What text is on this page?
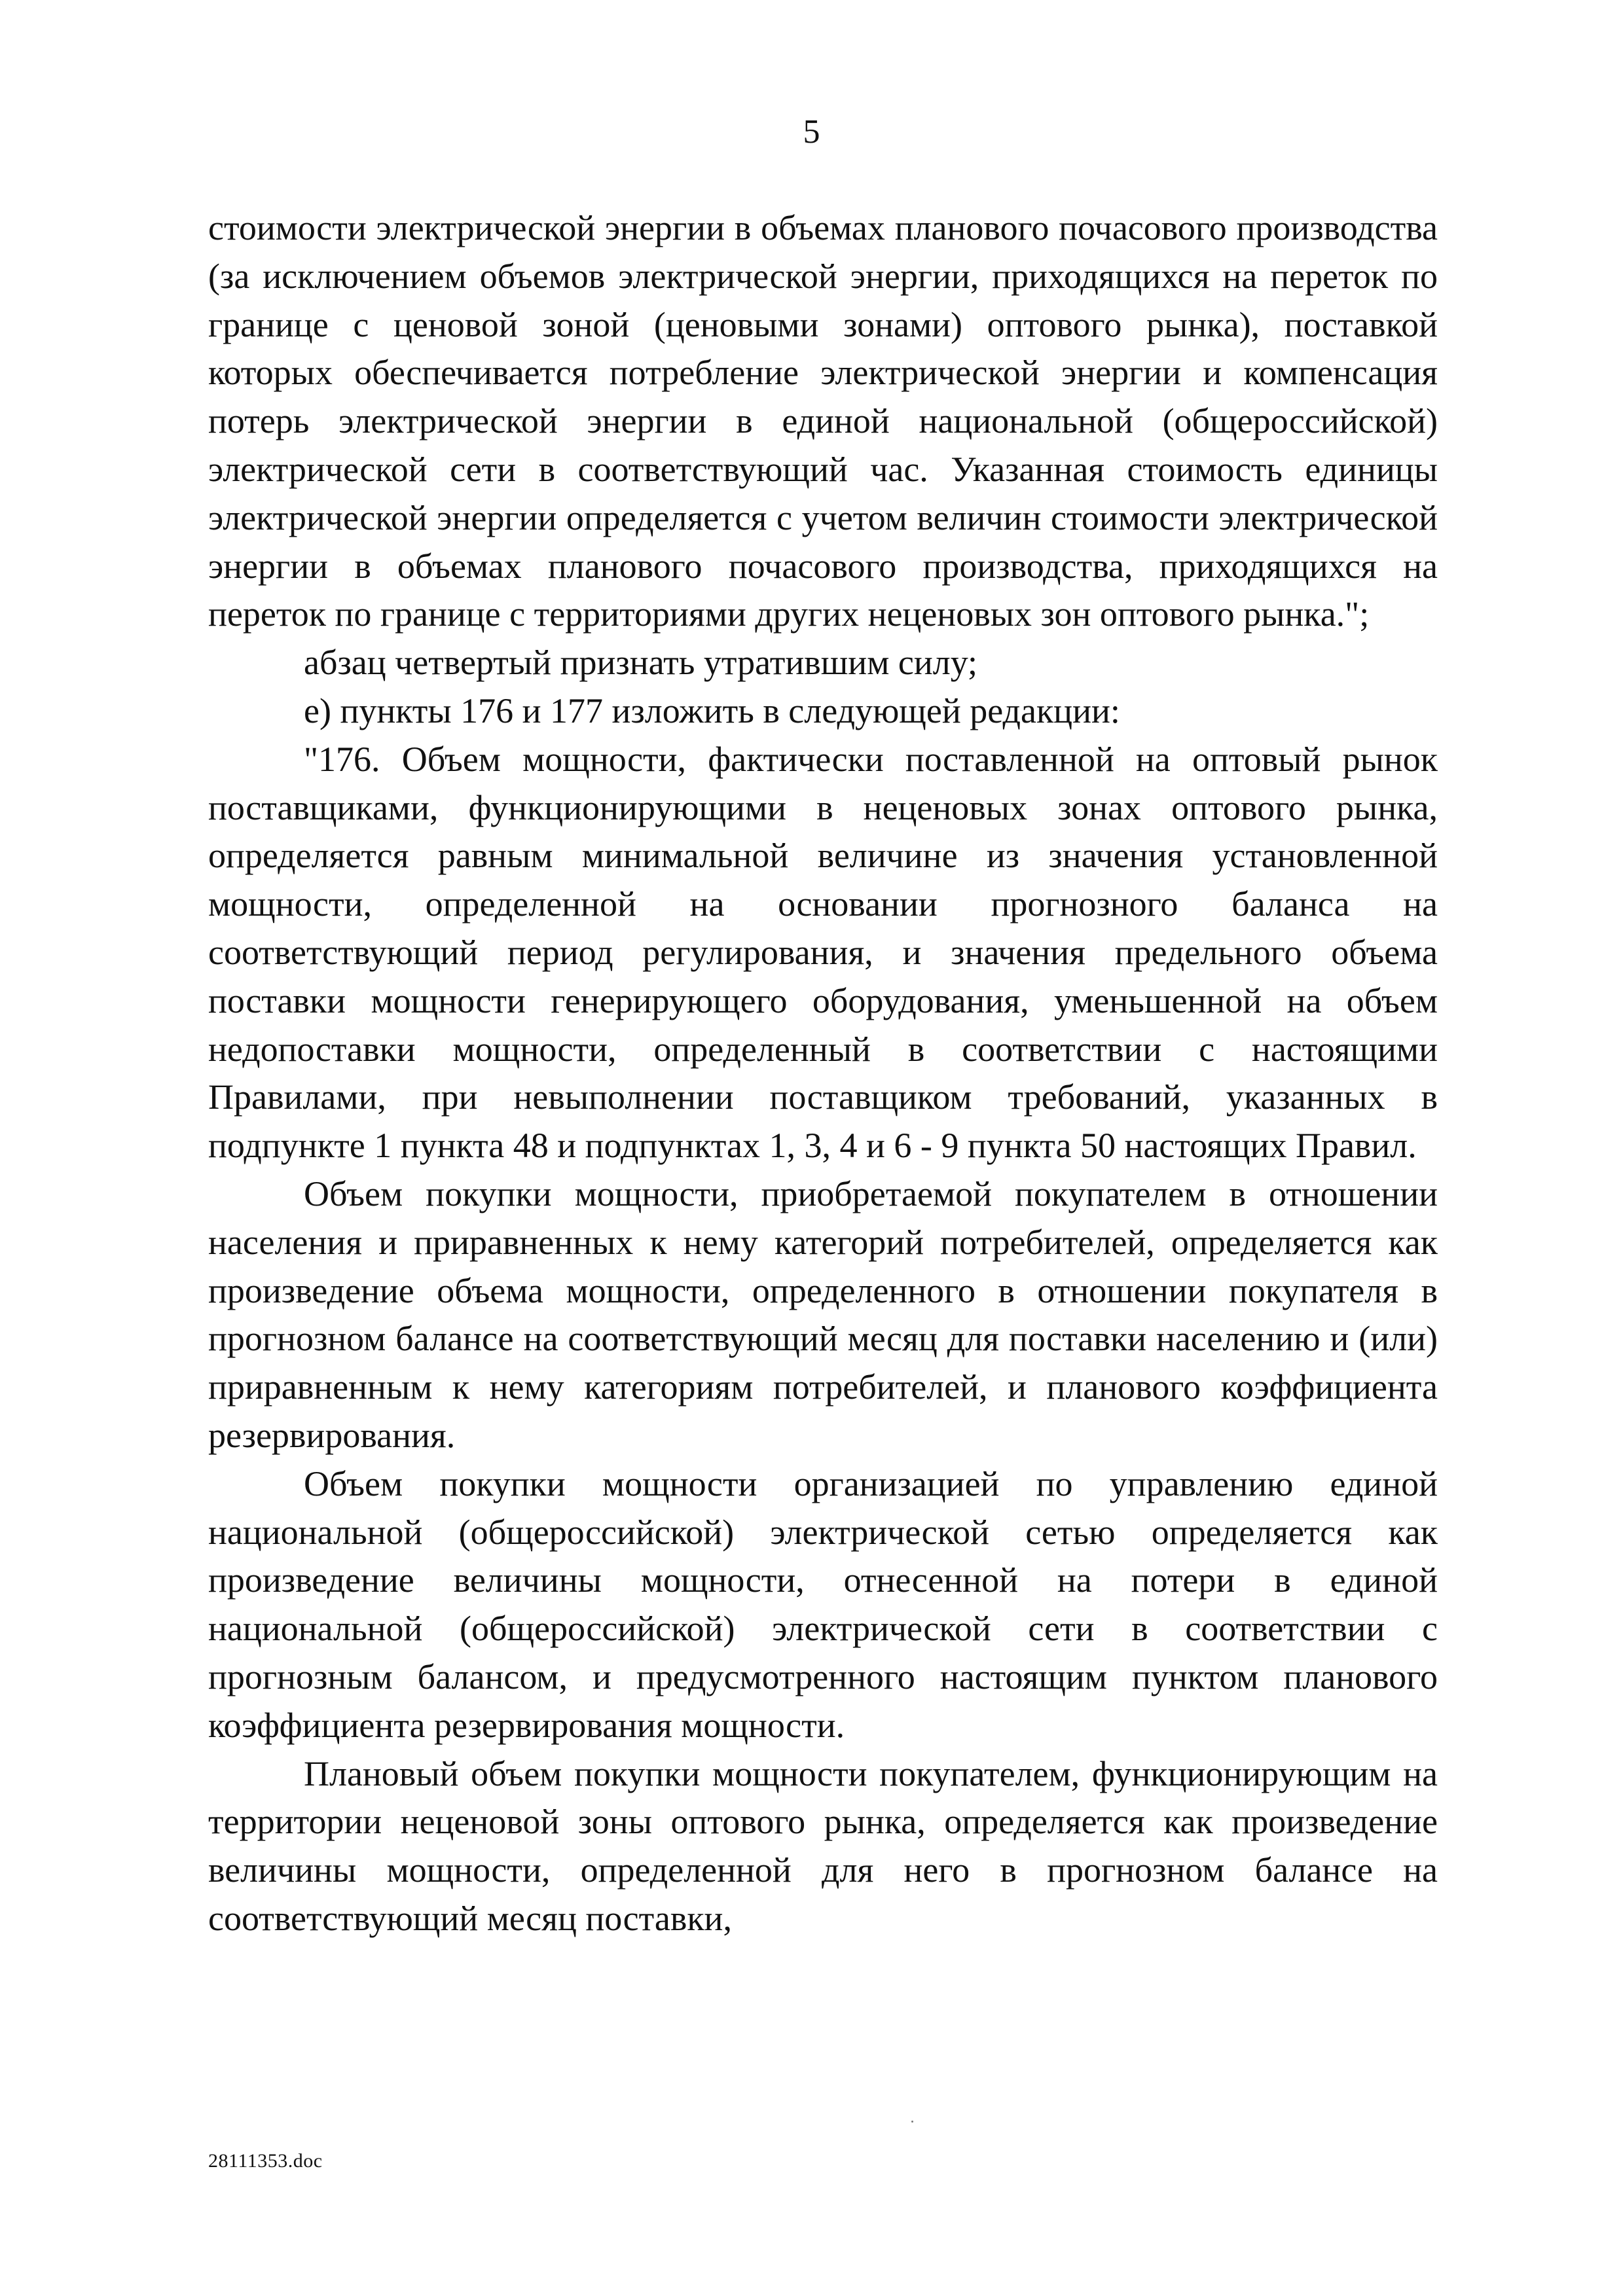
5

стоимости электрической энергии в объемах планового почасового производства (за исключением объемов электрической энергии, приходящихся на переток по границе с ценовой зоной (ценовыми зонами) оптового рынка), поставкой которых обеспечивается потребление электрической энергии и компенсация потерь электрической энергии в единой национальной (общероссийской) электрической сети в соответствующий час. Указанная стоимость единицы электрической энергии определяется с учетом величин стоимости электрической энергии в объемах планового почасового производства, приходящихся на переток по границе с территориями других неценовых зон оптового рынка.";

абзац четвертый признать утратившим силу;

е) пункты 176 и 177 изложить в следующей редакции:

"176. Объем мощности, фактически поставленной на оптовый рынок поставщиками, функционирующими в неценовых зонах оптового рынка, определяется равным минимальной величине из значения установленной мощности, определенной на основании прогнозного баланса на соответствующий период регулирования, и значения предельного объема поставки мощности генерирующего оборудования, уменьшенной на объем недопоставки мощности, определенный в соответствии с настоящими Правилами, при невыполнении поставщиком требований, указанных в подпункте 1 пункта 48 и подпунктах 1, 3, 4 и 6 - 9 пункта 50 настоящих Правил.

Объем покупки мощности, приобретаемой покупателем в отношении населения и приравненных к нему категорий потребителей, определяется как произведение объема мощности, определенного в отношении покупателя в прогнозном балансе на соответствующий месяц для поставки населению и (или) приравненным к нему категориям потребителей, и планового коэффициента резервирования.

Объем покупки мощности организацией по управлению единой национальной (общероссийской) электрической сетью определяется как произведение величины мощности, отнесенной на потери в единой национальной (общероссийской) электрической сети в соответствии с прогнозным балансом, и предусмотренного настоящим пунктом планового коэффициента резервирования мощности.

Плановый объем покупки мощности покупателем, функционирующим на территории неценовой зоны оптового рынка, определяется как произведение величины мощности, определенной для него в прогнозном балансе на соответствующий месяц поставки,

28111353.doc
